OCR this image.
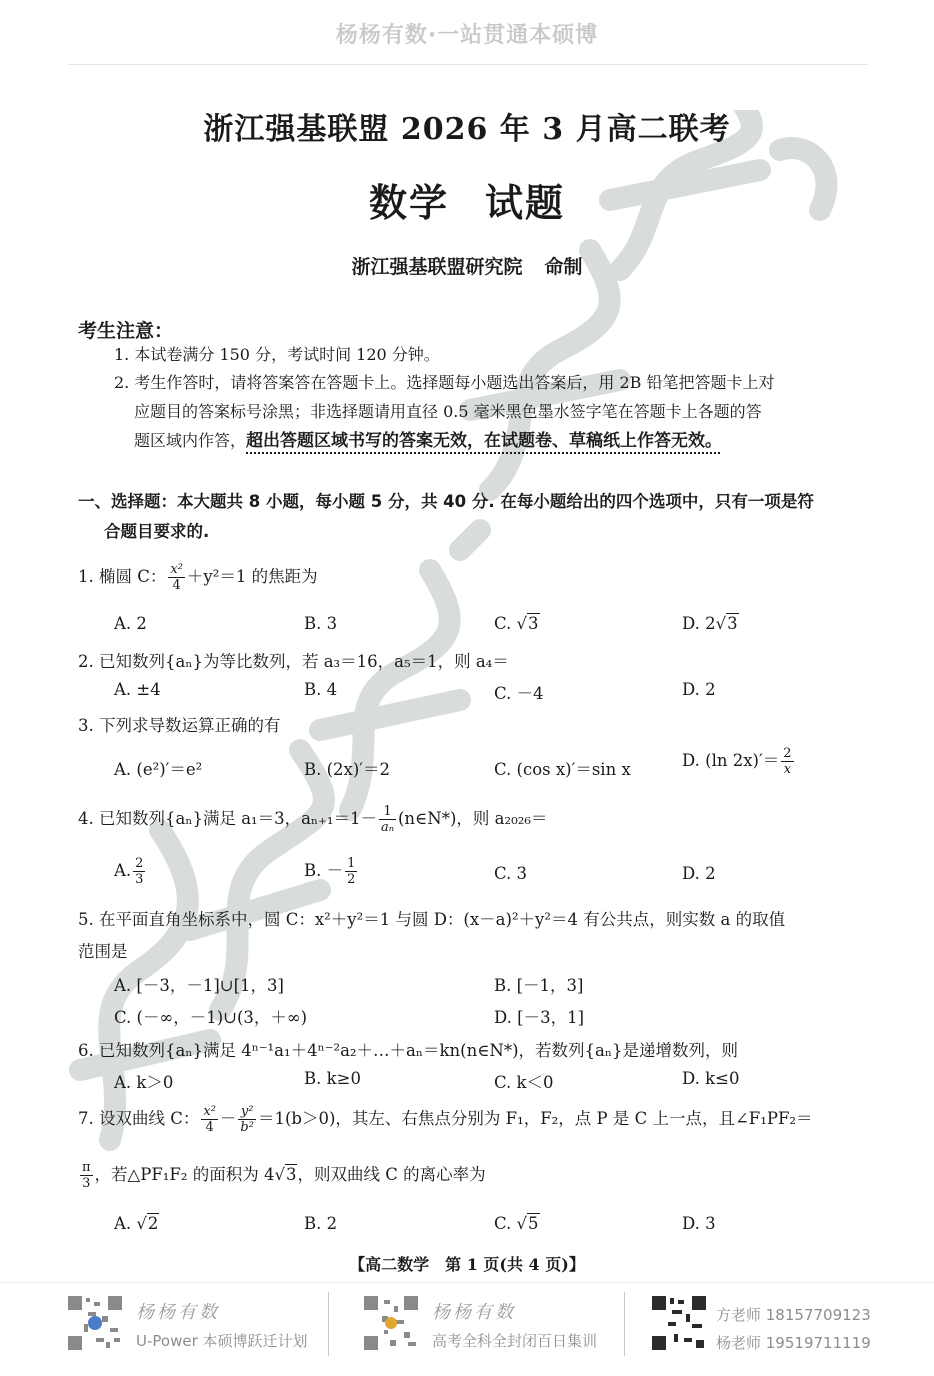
杨杨有数·一站贯通本硕博
浙江强基联盟 2026 年 3 月高二联考
数学 试题
浙江强基联盟研究院 命制
考生注意：
1. 本试卷满分 150 分，考试时间 120 分钟。
2. 考生作答时，请将答案答在答题卡上。选择题每小题选出答案后，用 2B 铅笔把答题卡上对
应题目的答案标号涂黑；非选择题请用直径 0.5 毫米黑色墨水签字笔在答题卡上各题的答
题区域内作答，超出答题区域书写的答案无效，在试题卷、草稿纸上作答无效。
一、选择题：本大题共 8 小题，每小题 5 分，共 40 分. 在每小题给出的四个选项中，只有一项是符
合题目要求的.
1. 椭圆 C： $\frac{\text{x²}}{4} +y^2=1$ 的焦距为
A. 2	B. 3	C. √3	D. 2√3
2. 已知数列{aₙ}为等比数列，若 a₃＝16，a₅＝1，则 a₄＝
A. ±4	B. 4	C. －4	D. 2
3. 下列求导数运算正确的有
A. (e²)′＝e²	B. (2x)′＝2	C. (cos x)′＝sin x	D. (ln $2x)'= \frac{2}{x}$
4. 已知数列{aₙ}满足 a₁＝3，$a_{n+1}=1- \frac{1}{\text{aₙ}}$ (n∈N*)，则 a₂₀₂₆＝
A. $\frac{2}{3}$	B. － $\frac{1}{2}$	C. 3	D. 2
5. 在平面直角坐标系中，圆 C：x²＋y²＝1 与圆 D：(x－a)²＋y²＝4 有公共点，则实数 a 的取值
范围是
A. [－3，－1]∪[1，3]	B. [－1，3]
C. (－∞，－1)∪(3，＋∞)	D. [－3，1]
6. 已知数列{aₙ}满足 4ⁿ⁻¹a₁＋4ⁿ⁻²a₂＋…＋aₙ＝kn(n∈N*)，若数列{aₙ}是递增数列，则
A. k＞0	B. k≥0	C. k＜0	D. k≤0
7. 设双曲线 C： $\frac{\text{x²}}{4} - \frac{\text{y²}}{\text{b²}} =1(b>0)$，其左、右焦点分别为 F₁，F₂，点 P 是 C 上一点，且∠F₁PF₂＝
$\frac{\pi}{3}$ ，若△PF₁F₂ 的面积为 4√3，则双曲线 C 的离心率为
A. √2	B. 2	C. √5	D. 3
【高二数学　第 1 页(共 4 页)】
杨杨有数
U-Power 本硕博跃迁计划
杨杨有数
高考全科全封闭百日集训
方老师 18157709123
杨老师 19519711119
